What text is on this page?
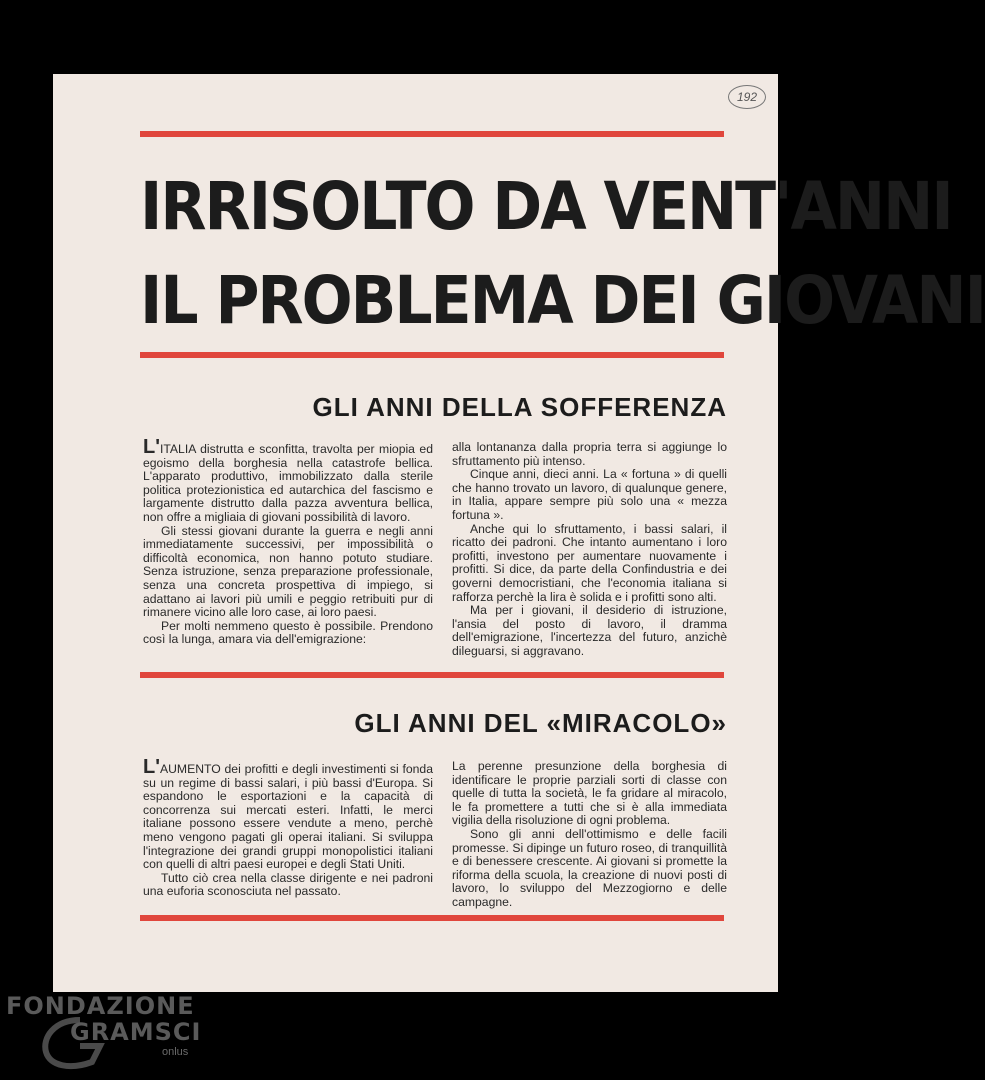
192
IRRISOLTO DA VENT'ANNI
IL PROBLEMA DEI GIOVANI
GLI ANNI DELLA SOFFERENZA

L'ITALIA distrutta e sconfitta, travolta per miopia ed egoismo della borghesia nella catastrofe bellica. L'apparato produttivo, immobilizzato dalla sterile politica protezionistica ed autarchica del fascismo e largamente distrutto dalla pazza avventura bellica, non offre a migliaia di giovani possibilità di lavoro.

Gli stessi giovani durante la guerra e negli anni immediatamente successivi, per impossibilità o difficoltà economica, non hanno potuto studiare. Senza istruzione, senza preparazione professionale, senza una concreta prospettiva di impiego, si adattano ai lavori più umili e peggio retribuiti pur di rimanere vicino alle loro case, ai loro paesi.

Per molti nemmeno questo è possibile. Prendono così la lunga, amara via dell'emigrazione:

alla lontananza dalla propria terra si aggiunge lo sfruttamento più intenso.

Cinque anni, dieci anni. La « fortuna » di quelli che hanno trovato un lavoro, di qualunque genere, in Italia, appare sempre più solo una « mezza fortuna ».

Anche qui lo sfruttamento, i bassi salari, il ricatto dei padroni. Che intanto aumentano i loro profitti, investono per aumentare nuovamente i profitti. Si dice, da parte della Confindustria e dei governi democristiani, che l'economia italiana si rafforza perchè la lira è solida e i profitti sono alti.

Ma per i giovani, il desiderio di istruzione, l'ansia del posto di lavoro, il dramma dell'emigrazione, l'incertezza del futuro, anzichè dileguarsi, si aggravano.

GLI ANNI DEL «MIRACOLO»

L'AUMENTO dei profitti e degli investimenti si fonda su un regime di bassi salari, i più bassi d'Europa. Si espandono le esportazioni e la capacità di concorrenza sui mercati esteri. Infatti, le merci italiane possono essere vendute a meno, perchè meno vengono pagati gli operai italiani. Si sviluppa l'integrazione dei grandi gruppi monopolistici italiani con quelli di altri paesi europei e degli Stati Uniti.

Tutto ciò crea nella classe dirigente e nei padroni una euforia sconosciuta nel passato.

La perenne presunzione della borghesia di identificare le proprie parziali sorti di classe con quelle di tutta la società, le fa gridare al miracolo, le fa promettere a tutti che si è alla immediata vigilia della risoluzione di ogni problema.

Sono gli anni dell'ottimismo e delle facili promesse. Si dipinge un futuro roseo, di tranquillità e di benessere crescente. Ai giovani si promette la riforma della scuola, la creazione di nuovi posti di lavoro, lo sviluppo del Mezzogiorno e delle campagne.

FONDAZIONE
GRAMSCI
onlus
